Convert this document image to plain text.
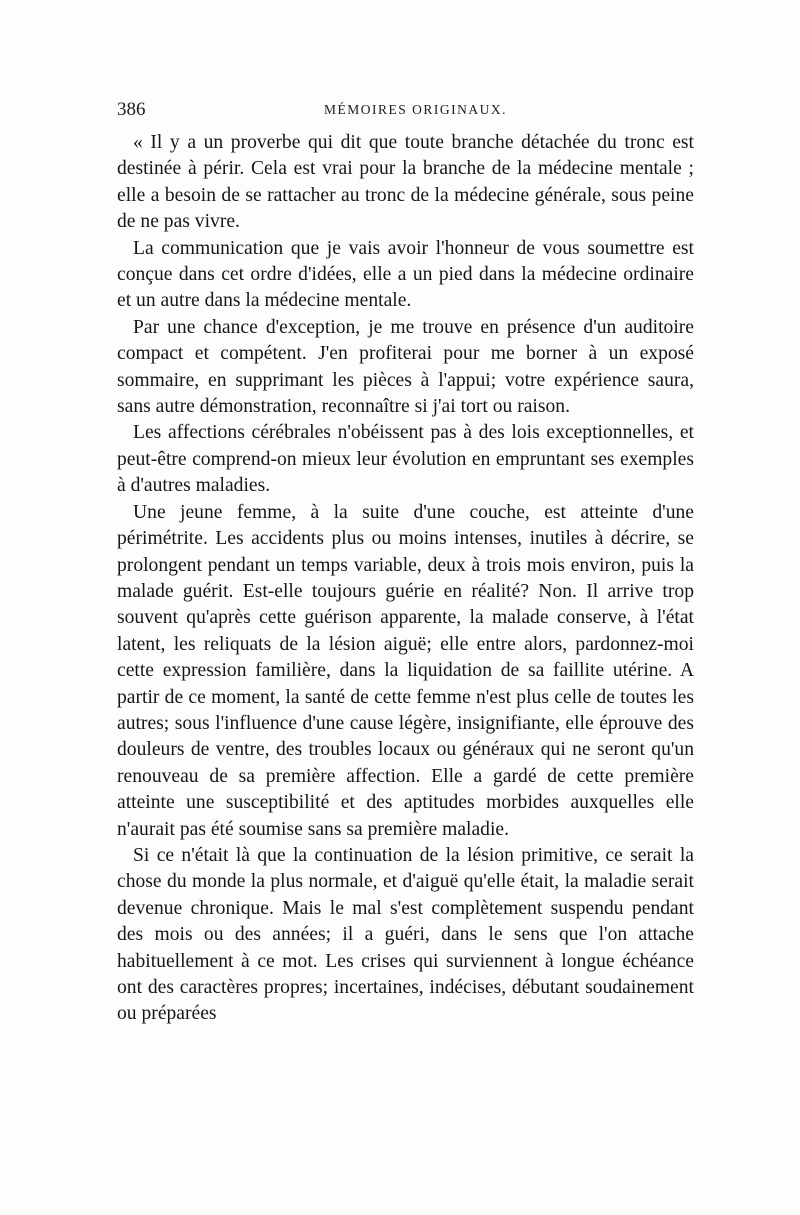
386	MÉMOIRES ORIGINAUX.

« Il y a un proverbe qui dit que toute branche détachée du tronc est destinée à périr. Cela est vrai pour la branche de la médecine mentale ; elle a besoin de se rattacher au tronc de la médecine générale, sous peine de ne pas vivre.

La communication que je vais avoir l'honneur de vous soumettre est conçue dans cet ordre d'idées, elle a un pied dans la médecine ordinaire et un autre dans la médecine mentale.

Par une chance d'exception, je me trouve en présence d'un auditoire compact et compétent. J'en profiterai pour me borner à un exposé sommaire, en supprimant les pièces à l'appui; votre expérience saura, sans autre démonstration, reconnaître si j'ai tort ou raison.

Les affections cérébrales n'obéissent pas à des lois exceptionnelles, et peut-être comprend-on mieux leur évolution en empruntant ses exemples à d'autres maladies.

Une jeune femme, à la suite d'une couche, est atteinte d'une périmétrite. Les accidents plus ou moins intenses, inutiles à décrire, se prolongent pendant un temps variable, deux à trois mois environ, puis la malade guérit. Est-elle toujours guérie en réalité? Non. Il arrive trop souvent qu'après cette guérison apparente, la malade conserve, à l'état latent, les reliquats de la lésion aiguë; elle entre alors, pardonnez-moi cette expression familière, dans la liquidation de sa faillite utérine. A partir de ce moment, la santé de cette femme n'est plus celle de toutes les autres; sous l'influence d'une cause légère, insignifiante, elle éprouve des douleurs de ventre, des troubles locaux ou généraux qui ne seront qu'un renouveau de sa première affection. Elle a gardé de cette première atteinte une susceptibilité et des aptitudes morbides auxquelles elle n'aurait pas été soumise sans sa première maladie.

Si ce n'était là que la continuation de la lésion primitive, ce serait la chose du monde la plus normale, et d'aiguë qu'elle était, la maladie serait devenue chronique. Mais le mal s'est complètement suspendu pendant des mois ou des années; il a guéri, dans le sens que l'on attache habituellement à ce mot. Les crises qui surviennent à longue échéance ont des caractères propres; incertaines, indécises, débutant soudainement ou préparées
